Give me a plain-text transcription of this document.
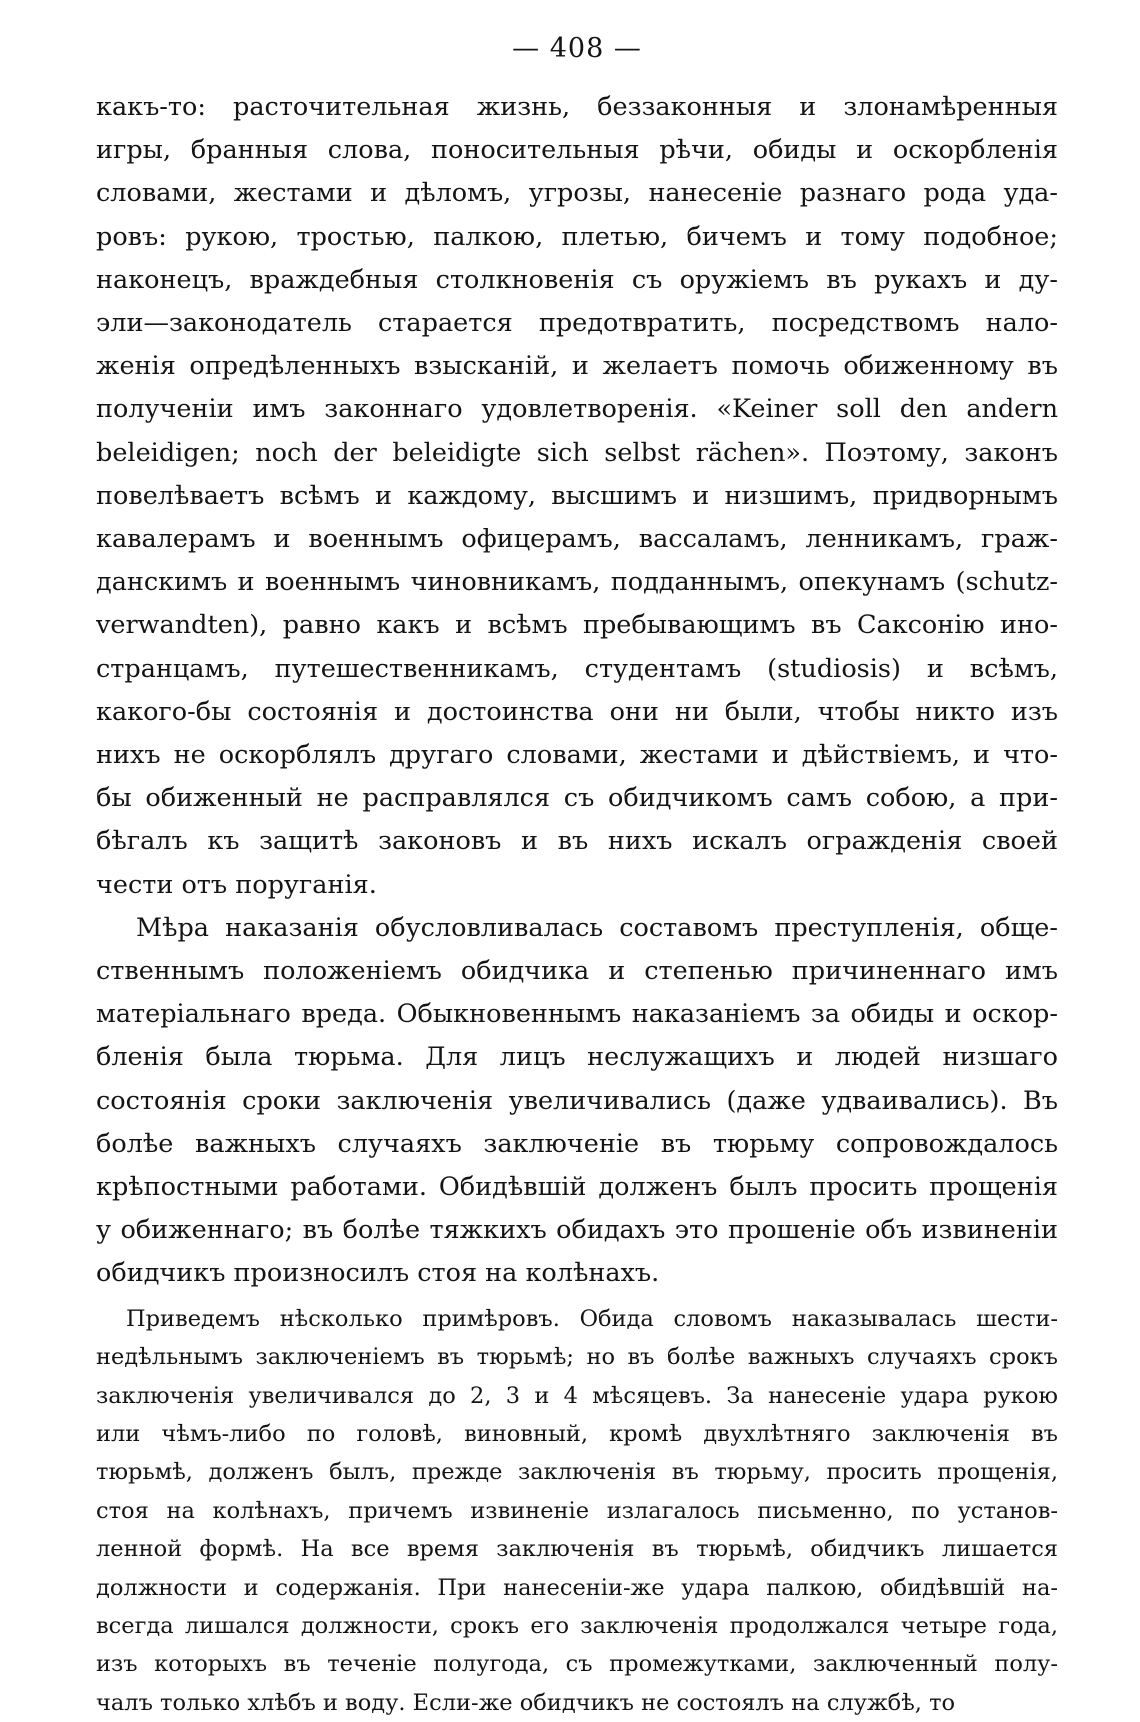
— 408 —

какъ-то: расточительная жизнь, беззаконныя и злонамѣренныя
игры, бранныя слова, поносительныя рѣчи, обиды и оскорбленія
словами, жестами и дѣломъ, угрозы, нанесеніе разнаго рода уда-
ровъ: рукою, тростью, палкою, плетью, бичемъ и тому подобное;
наконецъ, враждебныя столкновенія съ оружіемъ въ рукахъ и ду-
эли—законодатель старается предотвратить, посредствомъ нало-
женія опредѣленныхъ взысканій, и желаетъ помочь обиженному въ
полученіи имъ законнаго удовлетворенія. «Keiner soll den andern
beleidigen; noch der beleidigte sich selbst rächen». Поэтому, законъ
повелѣваетъ всѣмъ и каждому, высшимъ и низшимъ, придворнымъ
кавалерамъ и военнымъ офицерамъ, вассаламъ, ленникамъ, граж-
данскимъ и военнымъ чиновникамъ, подданнымъ, опекунамъ (schutz-
verwandten), равно какъ и всѣмъ пребывающимъ въ Саксонію ино-
странцамъ, путешественникамъ, студентамъ (studiosis) и всѣмъ,
какого-бы состоянія и достоинства они ни были, чтобы никто изъ
нихъ не оскорблялъ другаго словами, жестами и дѣйствіемъ, и что-
бы обиженный не расправлялся съ обидчикомъ самъ собою, а при-
бѣгалъ къ защитѣ законовъ и въ нихъ искалъ огражденія своей
чести отъ поруганія.

Мѣра наказанія обусловливалась составомъ преступленія, обще-
ственнымъ положеніемъ обидчика и степенью причиненнаго имъ
матеріальнаго вреда. Обыкновеннымъ наказаніемъ за обиды и оскор-
бленія была тюрьма. Для лицъ неслужащихъ и людей низшаго
состоянія сроки заключенія увеличивались (даже удваивались). Въ
болѣе важныхъ случаяхъ заключеніе въ тюрьму сопровождалось
крѣпостными работами. Обидѣвшій долженъ былъ просить прощенія
у обиженнаго; въ болѣе тяжкихъ обидахъ это прошеніе объ извиненіи
обидчикъ произносилъ стоя на колѣнахъ.

Приведемъ нѣсколько примѣровъ. Обида словомъ наказывалась шести-
недѣльнымъ заключеніемъ въ тюрьмѣ; но въ болѣе важныхъ случаяхъ срокъ
заключенія увеличивался до 2, 3 и 4 мѣсяцевъ. За нанесеніе удара рукою
или чѣмъ-либо по головѣ, виновный, кромѣ двухлѣтняго заключенія въ
тюрьмѣ, долженъ былъ, прежде заключенія въ тюрьму, просить прощенія,
стоя на колѣнахъ, причемъ извиненіе излагалось письменно, по установ-
ленной формѣ. На все время заключенія въ тюрьмѣ, обидчикъ лишается
должности и содержанія. При нанесеніи-же удара палкою, обидѣвшій на-
всегда лишался должности, срокъ его заключенія продолжался четыре года,
изъ которыхъ въ теченіе полугода, съ промежутками, заключенный полу-
чалъ только хлѣбъ и воду. Если-же обидчикъ не состоялъ на службѣ, то
